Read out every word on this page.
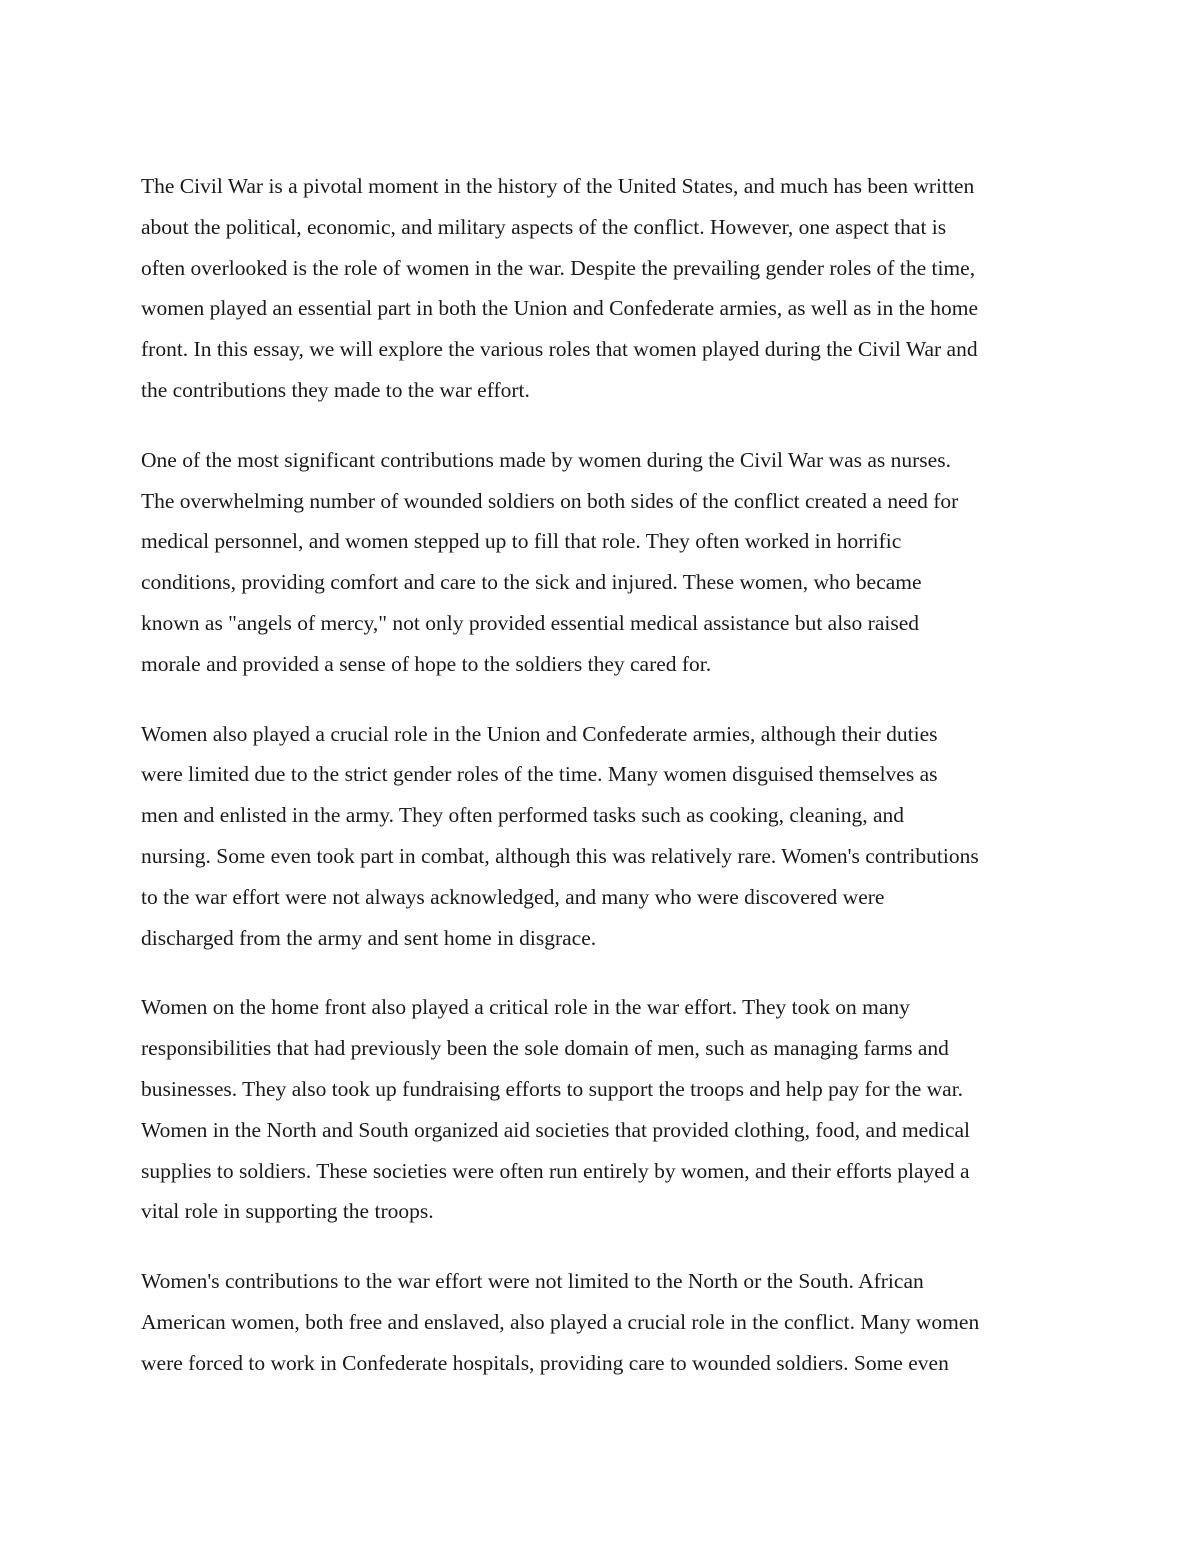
The Civil War is a pivotal moment in the history of the United States, and much has been written
about the political, economic, and military aspects of the conflict. However, one aspect that is
often overlooked is the role of women in the war. Despite the prevailing gender roles of the time,
women played an essential part in both the Union and Confederate armies, as well as in the home
front. In this essay, we will explore the various roles that women played during the Civil War and
the contributions they made to the war effort.

One of the most significant contributions made by women during the Civil War was as nurses.
The overwhelming number of wounded soldiers on both sides of the conflict created a need for
medical personnel, and women stepped up to fill that role. They often worked in horrific
conditions, providing comfort and care to the sick and injured. These women, who became
known as "angels of mercy," not only provided essential medical assistance but also raised
morale and provided a sense of hope to the soldiers they cared for.

Women also played a crucial role in the Union and Confederate armies, although their duties
were limited due to the strict gender roles of the time. Many women disguised themselves as
men and enlisted in the army. They often performed tasks such as cooking, cleaning, and
nursing. Some even took part in combat, although this was relatively rare. Women's contributions
to the war effort were not always acknowledged, and many who were discovered were
discharged from the army and sent home in disgrace.

Women on the home front also played a critical role in the war effort. They took on many
responsibilities that had previously been the sole domain of men, such as managing farms and
businesses. They also took up fundraising efforts to support the troops and help pay for the war.
Women in the North and South organized aid societies that provided clothing, food, and medical
supplies to soldiers. These societies were often run entirely by women, and their efforts played a
vital role in supporting the troops.

Women's contributions to the war effort were not limited to the North or the South. African
American women, both free and enslaved, also played a crucial role in the conflict. Many women
were forced to work in Confederate hospitals, providing care to wounded soldiers. Some even
